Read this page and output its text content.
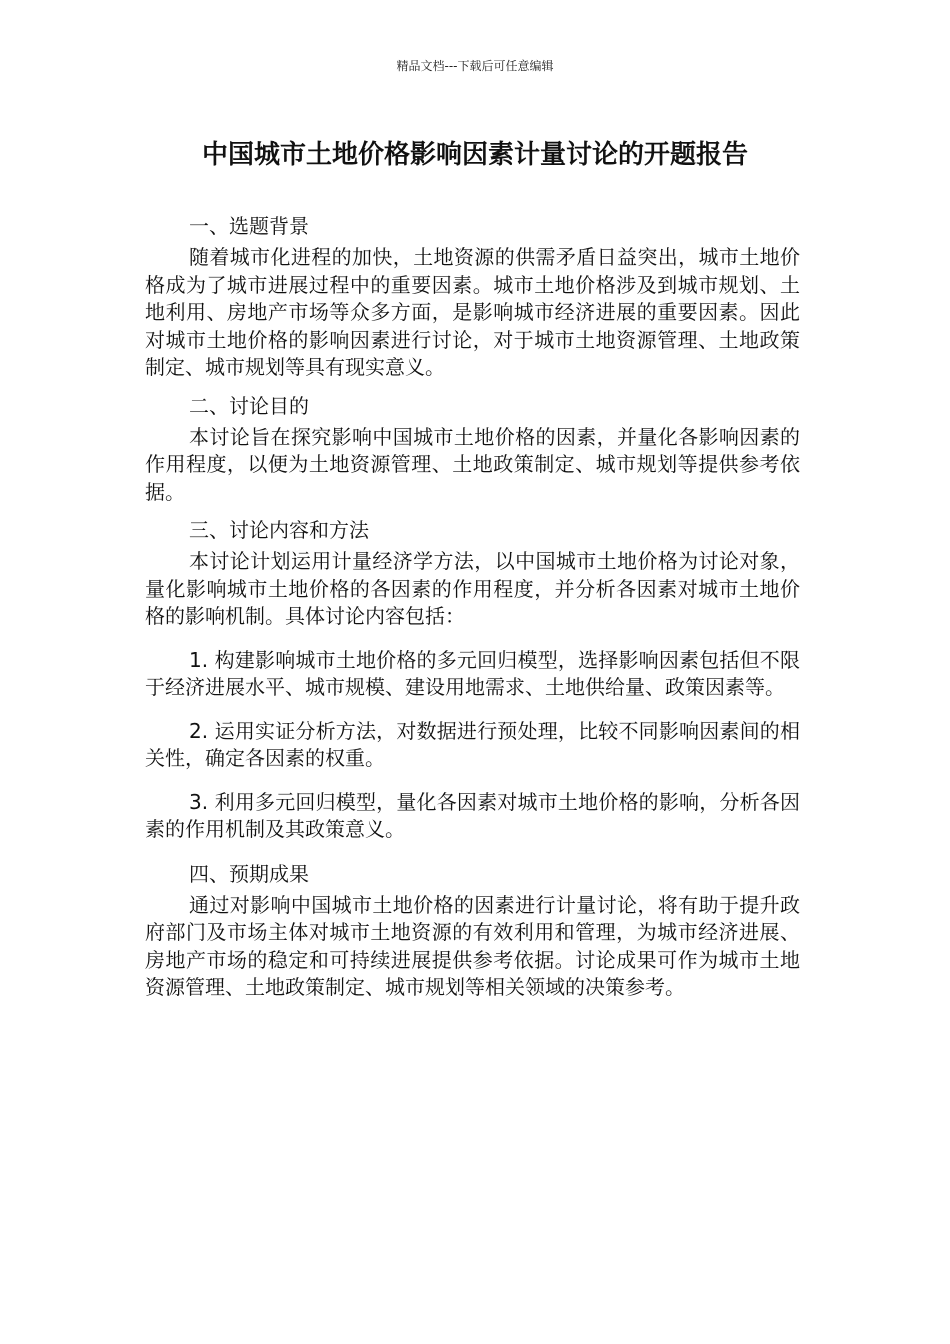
精品文档---下载后可任意编辑
中国城市土地价格影响因素计量讨论的开题报告

一、选题背景

随着城市化进程的加快，土地资源的供需矛盾日益突出，城市土地价格成为了城市进展过程中的重要因素。城市土地价格涉及到城市规划、土地利用、房地产市场等众多方面，是影响城市经济进展的重要因素。因此对城市土地价格的影响因素进行讨论，对于城市土地资源管理、土地政策制定、城市规划等具有现实意义。

二、讨论目的

本讨论旨在探究影响中国城市土地价格的因素，并量化各影响因素的作用程度，以便为土地资源管理、土地政策制定、城市规划等提供参考依据。

三、讨论内容和方法

本讨论计划运用计量经济学方法，以中国城市土地价格为讨论对象，量化影响城市土地价格的各因素的作用程度，并分析各因素对城市土地价格的影响机制。具体讨论内容包括：

1. 构建影响城市土地价格的多元回归模型，选择影响因素包括但不限于经济进展水平、城市规模、建设用地需求、土地供给量、政策因素等。

2. 运用实证分析方法，对数据进行预处理，比较不同影响因素间的相关性，确定各因素的权重。

3. 利用多元回归模型，量化各因素对城市土地价格的影响，分析各因素的作用机制及其政策意义。

四、预期成果

通过对影响中国城市土地价格的因素进行计量讨论，将有助于提升政府部门及市场主体对城市土地资源的有效利用和管理，为城市经济进展、房地产市场的稳定和可持续进展提供参考依据。讨论成果可作为城市土地资源管理、土地政策制定、城市规划等相关领域的决策参考。
